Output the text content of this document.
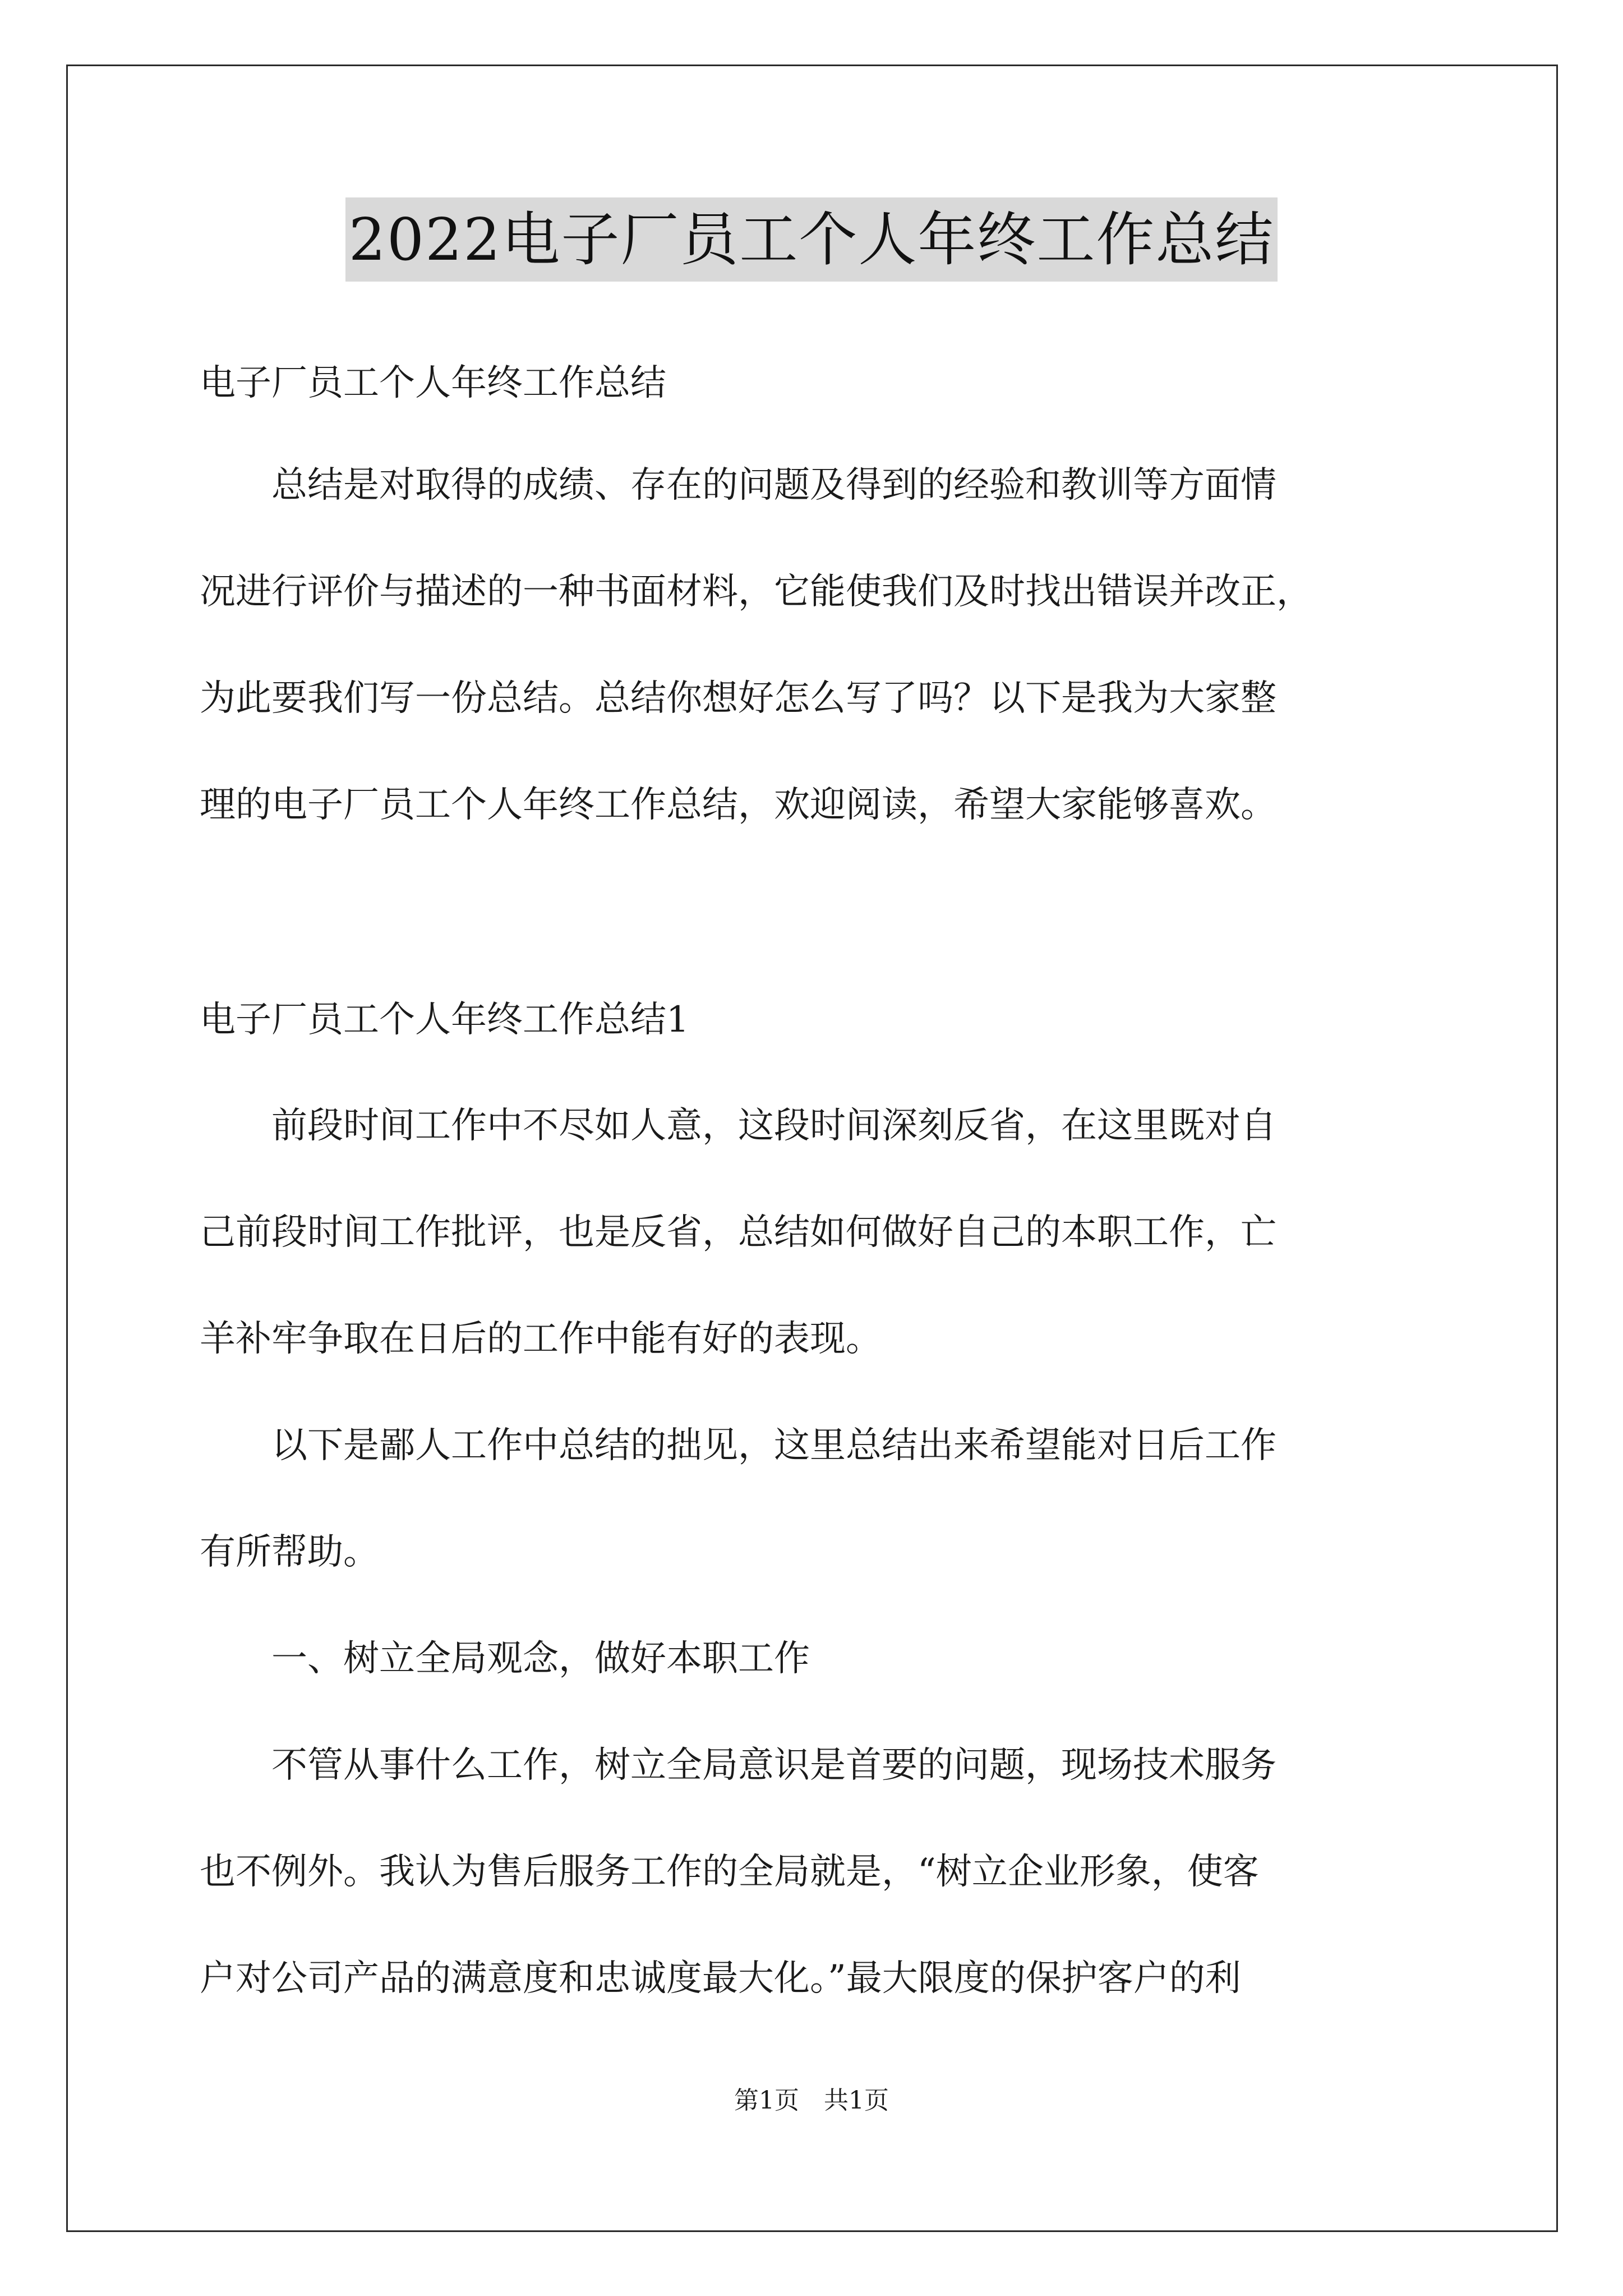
2022电子厂员工个人年终工作总结
电子厂员工个人年终工作总结
　　总结是对取得的成绩、存在的问题及得到的经验和教训等方面情
况进行评价与描述的一种书面材料，它能使我们及时找出错误并改正，
为此要我们写一份总结。总结你想好怎么写了吗？以下是我为大家整
理的电子厂员工个人年终工作总结，欢迎阅读，希望大家能够喜欢。
电子厂员工个人年终工作总结1
　　前段时间工作中不尽如人意，这段时间深刻反省，在这里既对自
己前段时间工作批评，也是反省，总结如何做好自己的本职工作，亡
羊补牢争取在日后的工作中能有好的表现。
　　以下是鄙人工作中总结的拙见，这里总结出来希望能对日后工作
有所帮助。
　　一、树立全局观念，做好本职工作
　　不管从事什么工作，树立全局意识是首要的问题，现场技术服务
也不例外。我认为售后服务工作的全局就是，“树立企业形象，使客
户对公司产品的满意度和忠诚度最大化。”最大限度的保护客户的利
第1页　共1页
